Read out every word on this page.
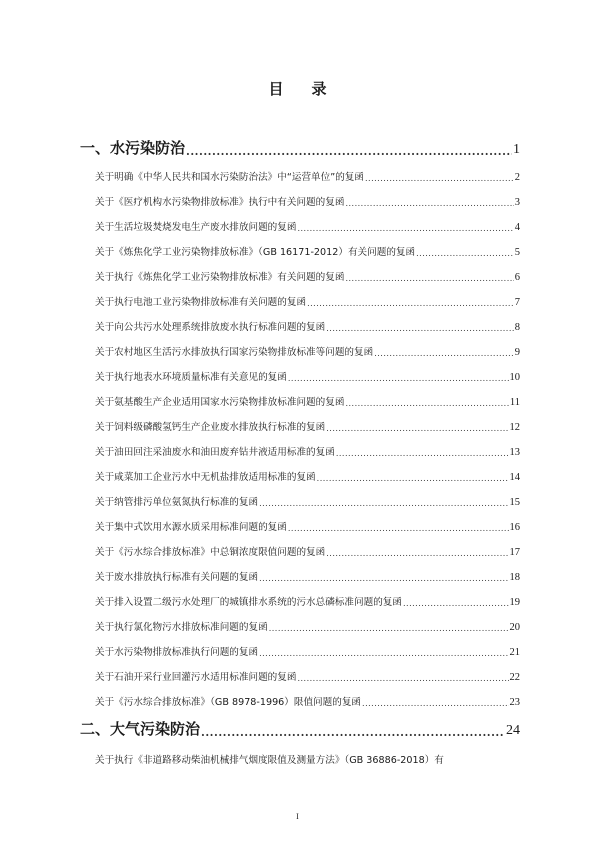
目 录
一、水污染防治 .....	1
关于明确《中华人民共和国水污染防治法》中“运营单位”的复函 .....	2
关于《医疗机构水污染物排放标准》执行中有关问题的复函 .....	3
关于生活垃圾焚烧发电生产废水排放问题的复函 .....	4
关于《炼焦化学工业污染物排放标准》（GB 16171-2012）有关问题的复函 .....	5
关于执行《炼焦化学工业污染物排放标准》有关问题的复函 .....	6
关于执行电池工业污染物排放标准有关问题的复函 .....	7
关于向公共污水处理系统排放废水执行标准问题的复函 .....	8
关于农村地区生活污水排放执行国家污染物排放标准等问题的复函 .....	9
关于执行地表水环境质量标准有关意见的复函 .....	10
关于氨基酸生产企业适用国家水污染物排放标准问题的复函 .....	11
关于饲料级磷酸氢钙生产企业废水排放执行标准的复函 .....	12
关于油田回注采油废水和油田废弃钻井液适用标准的复函 .....	13
关于咸菜加工企业污水中无机盐排放适用标准的复函 .....	14
关于纳管排污单位氨氮执行标准的复函 .....	15
关于集中式饮用水源水质采用标准问题的复函 .....	16
关于《污水综合排放标准》中总铜浓度限值问题的复函 .....	17
关于废水排放执行标准有关问题的复函 .....	18
关于排入设置二级污水处理厂的城镇排水系统的污水总磷标准问题的复函 .....	19
关于执行氯化物污水排放标准问题的复函 .....	20
关于水污染物排放标准执行问题的复函 .....	21
关于石油开采行业回灌污水适用标准问题的复函 .....	22
关于《污水综合排放标准》（GB 8978-1996）限值问题的复函 .....	23
二、大气污染防治 .....	24
关于执行《非道路移动柴油机械排气烟度限值及测量方法》（GB 36886-2018）有
I
